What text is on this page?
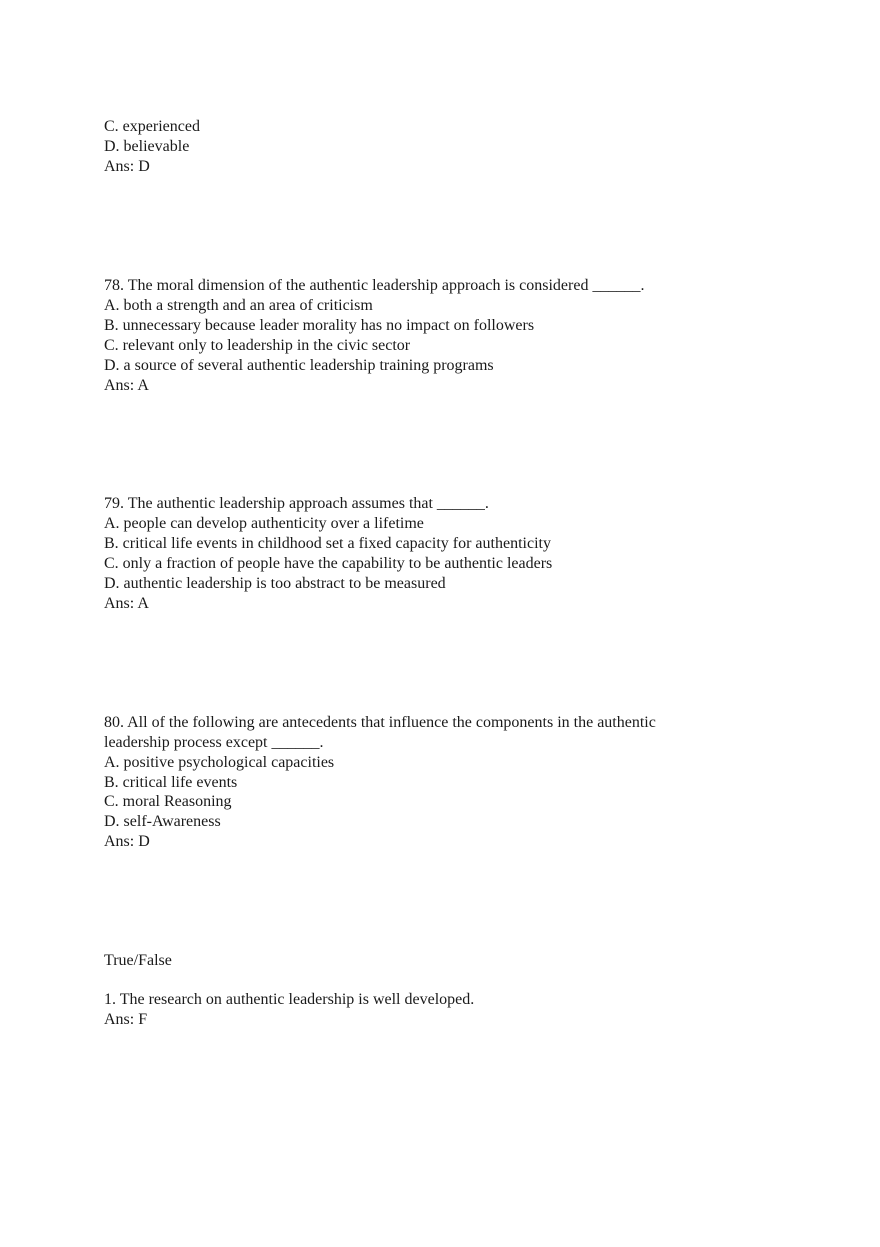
C. experienced
D. believable
Ans: D
78. The moral dimension of the authentic leadership approach is considered ______.
A. both a strength and an area of criticism
B. unnecessary because leader morality has no impact on followers
C. relevant only to leadership in the civic sector
D. a source of several authentic leadership training programs
Ans: A
79. The authentic leadership approach assumes that ______.
A. people can develop authenticity over a lifetime
B. critical life events in childhood set a fixed capacity for authenticity
C. only a fraction of people have the capability to be authentic leaders
D. authentic leadership is too abstract to be measured
Ans: A
80. All of the following are antecedents that influence the components in the authentic
leadership process except ______.
A. positive psychological capacities
B. critical life events
C. moral Reasoning
D. self-Awareness
Ans: D
True/False
1. The research on authentic leadership is well developed.
Ans: F
